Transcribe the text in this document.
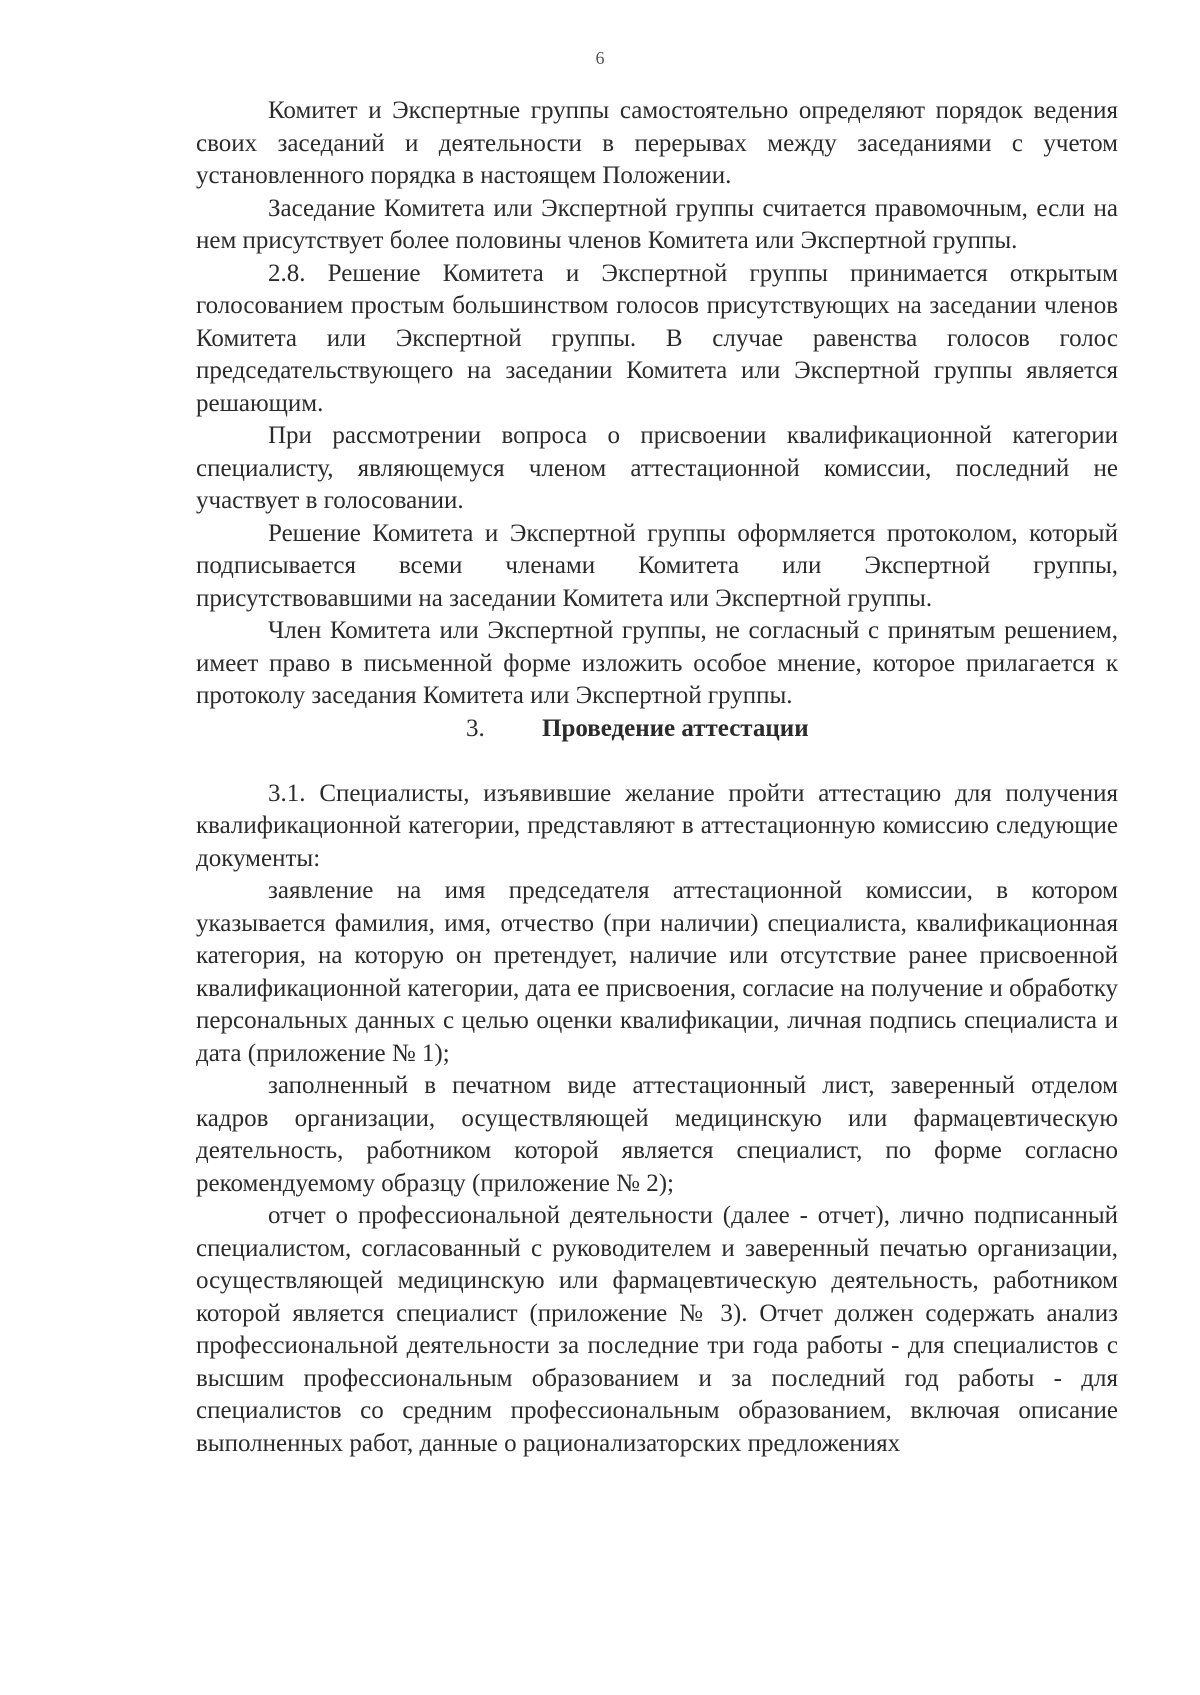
6

Комитет и Экспертные группы самостоятельно определяют порядок ведения своих заседаний и деятельности в перерывах между заседаниями с учетом установленного порядка в настоящем Положении.

Заседание Комитета или Экспертной группы считается правомочным, если на нем присутствует более половины членов Комитета или Экспертной группы.

2.8. Решение Комитета и Экспертной группы принимается открытым голосованием простым большинством голосов присутствующих на заседании членов Комитета или Экспертной группы. В случае равенства голосов голос председательствующего на заседании Комитета или Экспертной группы является решающим.

При рассмотрении вопроса о присвоении квалификационной категории специалисту, являющемуся членом аттестационной комиссии, последний не участвует в голосовании.

Решение Комитета и Экспертной группы оформляется протоколом, который подписывается всеми членами Комитета или Экспертной группы, присутствовавшими на заседании Комитета или Экспертной группы.

Член Комитета или Экспертной группы, не согласный с принятым решением, имеет право в письменной форме изложить особое мнение, которое прилагается к протоколу заседания Комитета или Экспертной группы.

3. Проведение аттестации

3.1. Специалисты, изъявившие желание пройти аттестацию для получения квалификационной категории, представляют в аттестационную комиссию следующие документы:

заявление на имя председателя аттестационной комиссии, в котором указывается фамилия, имя, отчество (при наличии) специалиста, квалификационная категория, на которую он претендует, наличие или отсутствие ранее присвоенной квалификационной категории, дата ее присвоения, согласие на получение и обработку персональных данных с целью оценки квалификации, личная подпись специалиста и дата (приложение № 1);

заполненный в печатном виде аттестационный лист, заверенный отделом кадров организации, осуществляющей медицинскую или фармацевтическую деятельность, работником которой является специалист, по форме согласно рекомендуемому образцу (приложение № 2);

отчет о профессиональной деятельности (далее - отчет), лично подписанный специалистом, согласованный с руководителем и заверенный печатью организации, осуществляющей медицинскую или фармацевтическую деятельность, работником которой является специалист (приложение № 3). Отчет должен содержать анализ профессиональной деятельности за последние три года работы - для специалистов с высшим профессиональным образованием и за последний год работы - для специалистов со средним профессиональным образованием, включая описание выполненных работ, данные о рационализаторских предложениях
